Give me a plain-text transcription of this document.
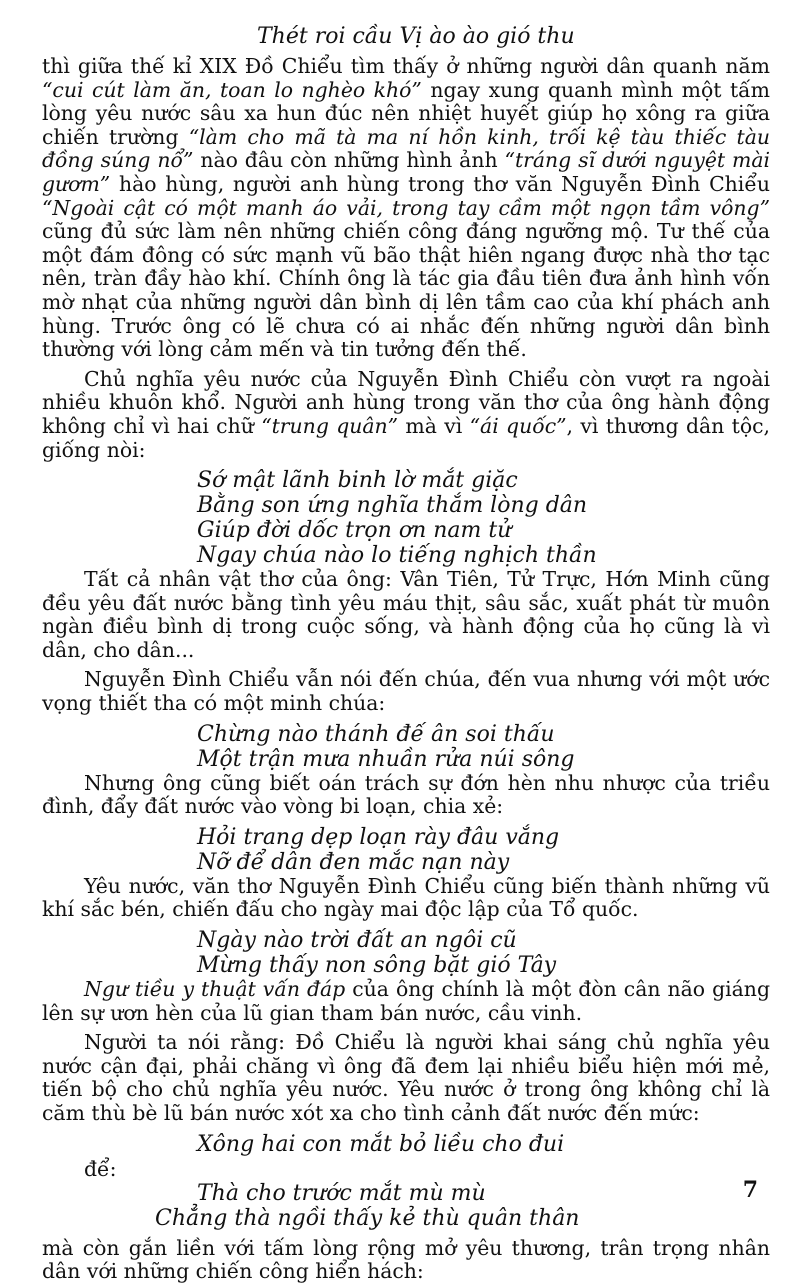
Thét roi cầu Vị ào ào gió thu

thì giữa thế kỉ XIX Đồ Chiểu tìm thấy ở những người dân quanh năm “cui cút làm ăn, toan lo nghèo khó” ngay xung quanh mình một tấm lòng yêu nước sâu xa hun đúc nên nhiệt huyết giúp họ xông ra giữa chiến trường “làm cho mã tà ma ní hồn kinh, trối kệ tàu thiếc tàu đồng súng nổ” nào đâu còn những hình ảnh “tráng sĩ dưới nguyệt mài gươm” hào hùng, người anh hùng trong thơ văn Nguyễn Đình Chiểu “Ngoài cật có một manh áo vải, trong tay cầm một ngọn tầm vông” cũng đủ sức làm nên những chiến công đáng ngưỡng mộ. Tư thế của một đám đông có sức mạnh vũ bão thật hiên ngang được nhà thơ tạc nên, tràn đầy hào khí. Chính ông là tác gia đầu tiên đưa ảnh hình vốn mờ nhạt của những người dân bình dị lên tầm cao của khí phách anh hùng. Trước ông có lẽ chưa có ai nhắc đến những người dân bình thường với lòng cảm mến và tin tưởng đến thế.

Chủ nghĩa yêu nước của Nguyễn Đình Chiểu còn vượt ra ngoài nhiều khuôn khổ. Người anh hùng trong văn thơ của ông hành động không chỉ vì hai chữ “trung quân” mà vì “ái quốc”, vì thương dân tộc, giống nòi:

Sớ mật lãnh binh lờ mắt giặc
Bằng son ứng nghĩa thắm lòng dân
Giúp đời dốc trọn ơn nam tử
Ngay chúa nào lo tiếng nghịch thần

Tất cả nhân vật thơ của ông: Vân Tiên, Tử Trực, Hớn Minh cũng đều yêu đất nước bằng tình yêu máu thịt, sâu sắc, xuất phát từ muôn ngàn điều bình dị trong cuộc sống, và hành động của họ cũng là vì dân, cho dân...

Nguyễn Đình Chiểu vẫn nói đến chúa, đến vua nhưng với một ước vọng thiết tha có một minh chúa:

Chừng nào thánh đế ân soi thấu
Một trận mưa nhuần rửa núi sông

Nhưng ông cũng biết oán trách sự đớn hèn nhu nhược của triều đình, đẩy đất nước vào vòng bi loạn, chia xẻ:

Hỏi trang dẹp loạn rày đâu vắng
Nỡ để dân đen mắc nạn này

Yêu nước, văn thơ Nguyễn Đình Chiểu cũng biến thành những vũ khí sắc bén, chiến đấu cho ngày mai độc lập của Tổ quốc.

Ngày nào trời đất an ngôi cũ
Mừng thấy non sông bặt gió Tây

Ngư tiều y thuật vấn đáp của ông chính là một đòn cân não giáng lên sự ươn hèn của lũ gian tham bán nước, cầu vinh.

Người ta nói rằng: Đồ Chiểu là người khai sáng chủ nghĩa yêu nước cận đại, phải chăng vì ông đã đem lại nhiều biểu hiện mới mẻ, tiến bộ cho chủ nghĩa yêu nước. Yêu nước ở trong ông không chỉ là căm thù bè lũ bán nước xót xa cho tình cảnh đất nước đến mức:

Xông hai con mắt bỏ liều cho đui
để:
Thà cho trước mắt mù mù
Chẳng thà ngồi thấy kẻ thù quân thân

mà còn gắn liền với tấm lòng rộng mở yêu thương, trân trọng nhân dân với những chiến công hiển hách:

7
